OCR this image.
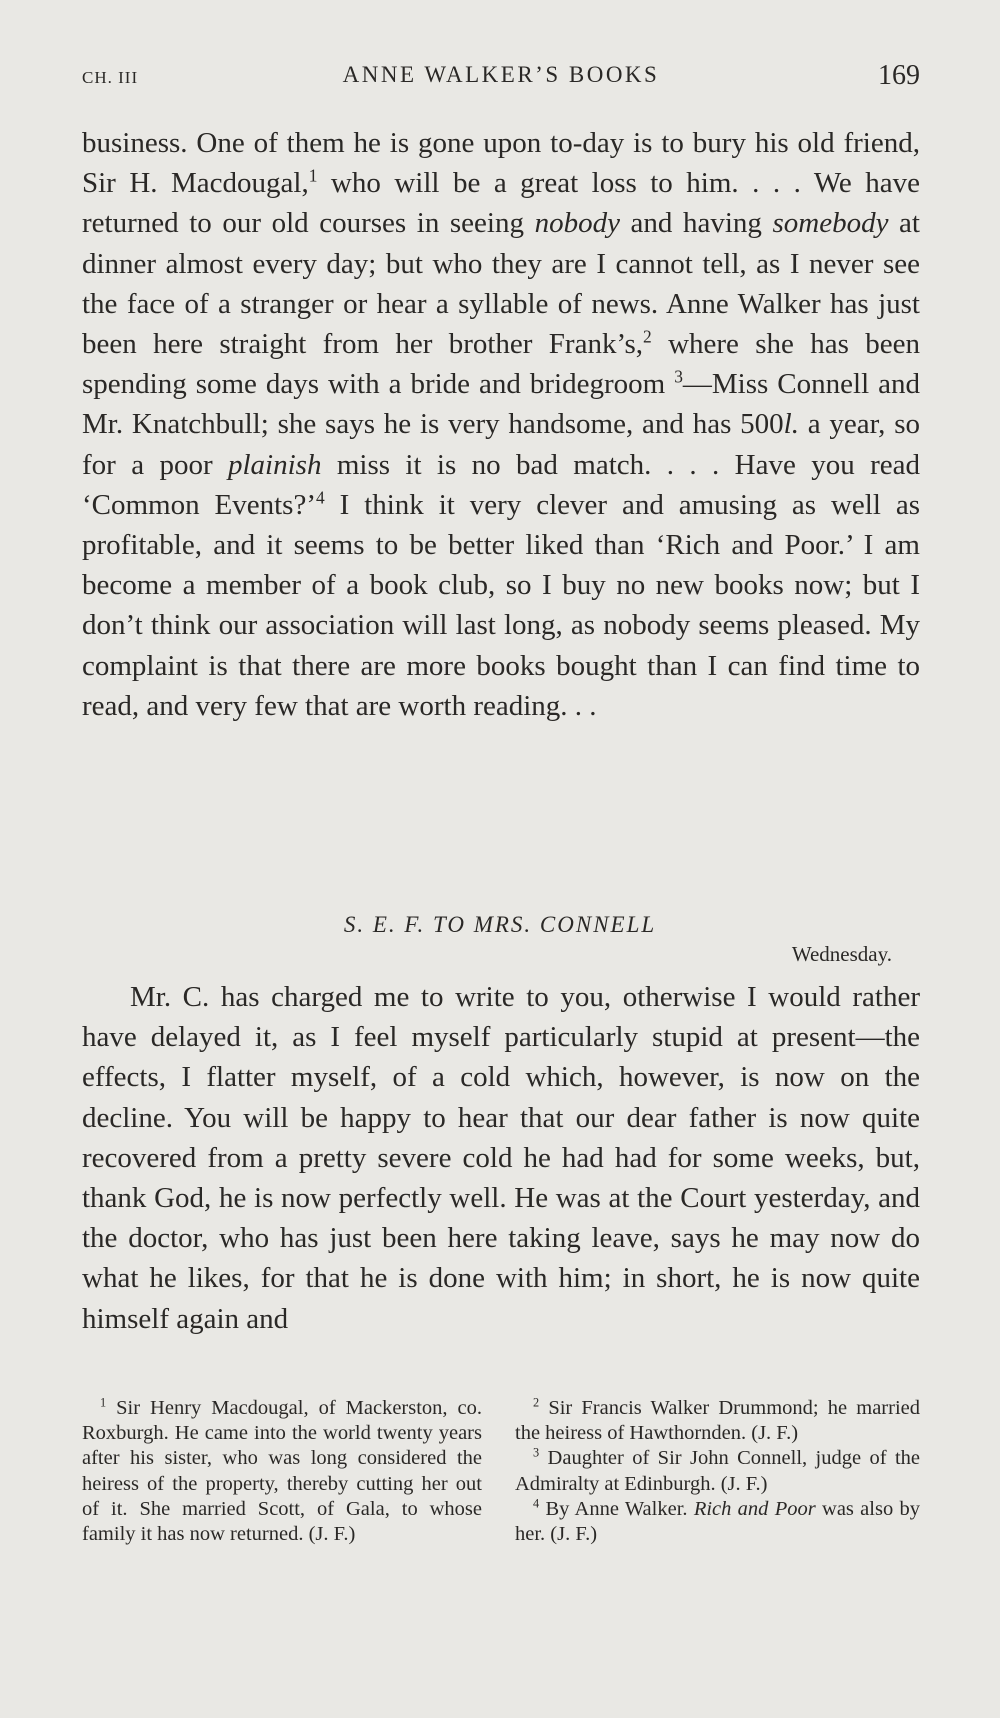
CH. III	ANNE WALKER’S BOOKS	169

business. One of them he is gone upon to-day is to bury his old friend, Sir H. Macdougal,$^1$ who will be a great loss to him. . . . We have returned to our old courses in seeing nobody and having somebody at dinner almost every day; but who they are I cannot tell, as I never see the face of a stranger or hear a syllable of news. Anne Walker has just been here straight from her brother Frank’s,$^2$ where she has been spending some days with a bride and bridegroom $^3$—Miss Connell and Mr. Knatchbull; she says he is very handsome, and has 500l. a year, so for a poor plainish miss it is no bad match. . . . Have you read ‘Common Events?’$^4$ I think it very clever and amusing as well as profitable, and it seems to be better liked than ‘Rich and Poor.’ I am become a member of a book club, so I buy no new books now; but I don’t think our association will last long, as nobody seems pleased. My complaint is that there are more books bought than I can find time to read, and very few that are worth reading. . .

S. E. F. TO MRS. CONNELL
Wednesday.

Mr. C. has charged me to write to you, otherwise I would rather have delayed it, as I feel myself particularly stupid at present—the effects, I flatter myself, of a cold which, however, is now on the decline. You will be happy to hear that our dear father is now quite recovered from a pretty severe cold he had had for some weeks, but, thank God, he is now perfectly well. He was at the Court yesterday, and the doctor, who has just been here taking leave, says he may now do what he likes, for that he is done with him; in short, he is now quite himself again and

$^1$ Sir Henry Macdougal, of Mackerston, co. Roxburgh. He came into the world twenty years after his sister, who was long considered the heiress of the property, thereby cutting her out of it. She married Scott, of Gala, to whose family it has now returned. (J. F.)

$^2$ Sir Francis Walker Drummond; he married the heiress of Hawthornden. (J. F.)

$^3$ Daughter of Sir John Connell, judge of the Admiralty at Edinburgh. (J. F.)

$^4$ By Anne Walker. Rich and Poor was also by her. (J. F.)
